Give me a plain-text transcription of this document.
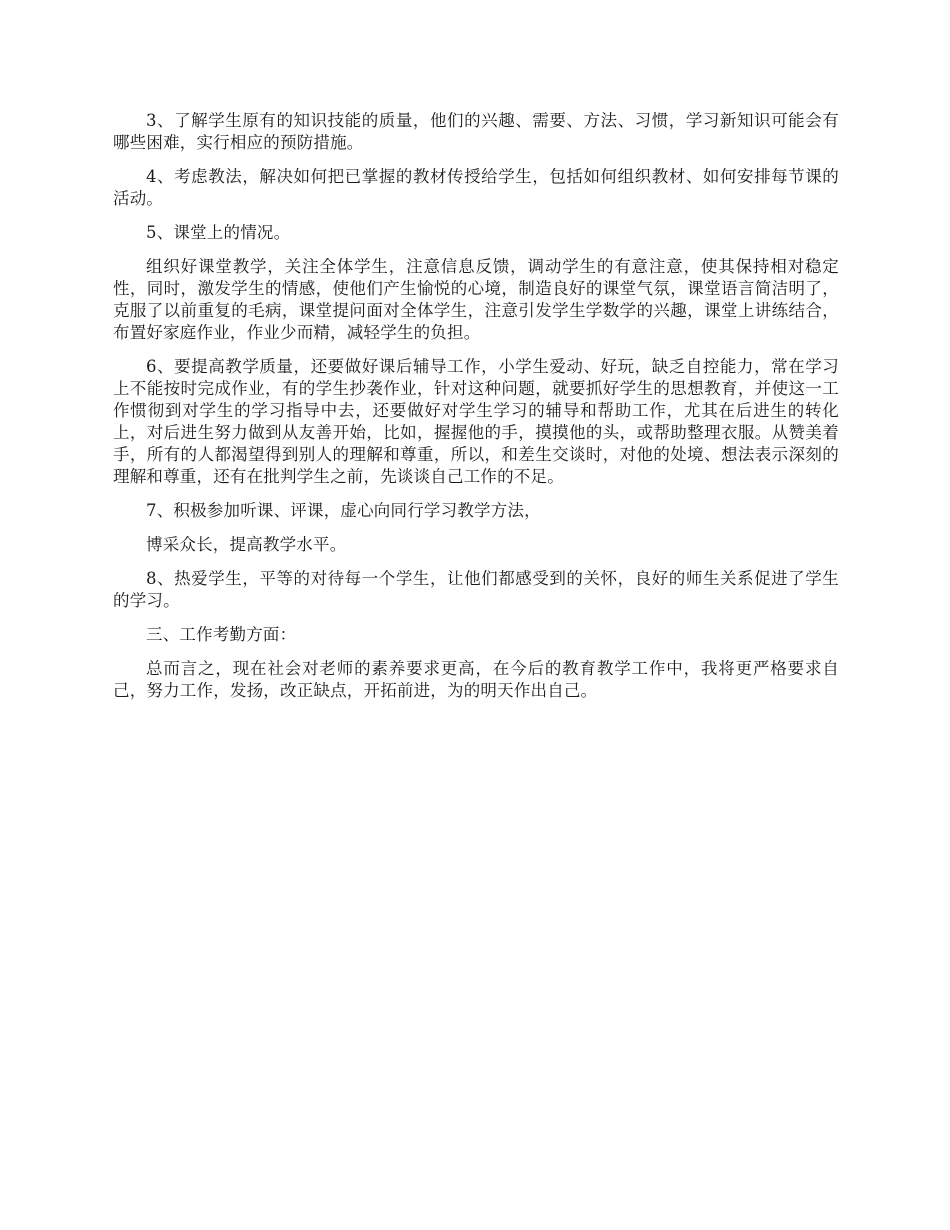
3、了解学生原有的知识技能的质量，他们的兴趣、需要、方法、习惯，学习新知识可能会有哪些困难，实行相应的预防措施。

4、考虑教法，解决如何把已掌握的教材传授给学生，包括如何组织教材、如何安排每节课的活动。

5、课堂上的情况。

组织好课堂教学，关注全体学生，注意信息反馈，调动学生的有意注意，使其保持相对稳定性，同时，激发学生的情感，使他们产生愉悦的心境，制造良好的课堂气氛，课堂语言简洁明了，克服了以前重复的毛病，课堂提问面对全体学生，注意引发学生学数学的兴趣，课堂上讲练结合，布置好家庭作业，作业少而精，减轻学生的负担。

6、要提高教学质量，还要做好课后辅导工作，小学生爱动、好玩，缺乏自控能力，常在学习上不能按时完成作业，有的学生抄袭作业，针对这种问题，就要抓好学生的思想教育，并使这一工作惯彻到对学生的学习指导中去，还要做好对学生学习的辅导和帮助工作，尤其在后进生的转化上，对后进生努力做到从友善开始，比如，握握他的手，摸摸他的头，或帮助整理衣服。从赞美着手，所有的人都渴望得到别人的理解和尊重，所以，和差生交谈时，对他的处境、想法表示深刻的理解和尊重，还有在批判学生之前，先谈谈自己工作的不足。

7、积极参加听课、评课，虚心向同行学习教学方法，

博采众长，提高教学水平。

8、热爱学生，平等的对待每一个学生，让他们都感受到的关怀，良好的师生关系促进了学生的学习。

三、工作考勤方面：

总而言之，现在社会对老师的素养要求更高，在今后的教育教学工作中，我将更严格要求自己，努力工作，发扬，改正缺点，开拓前进，为的明天作出自己。
